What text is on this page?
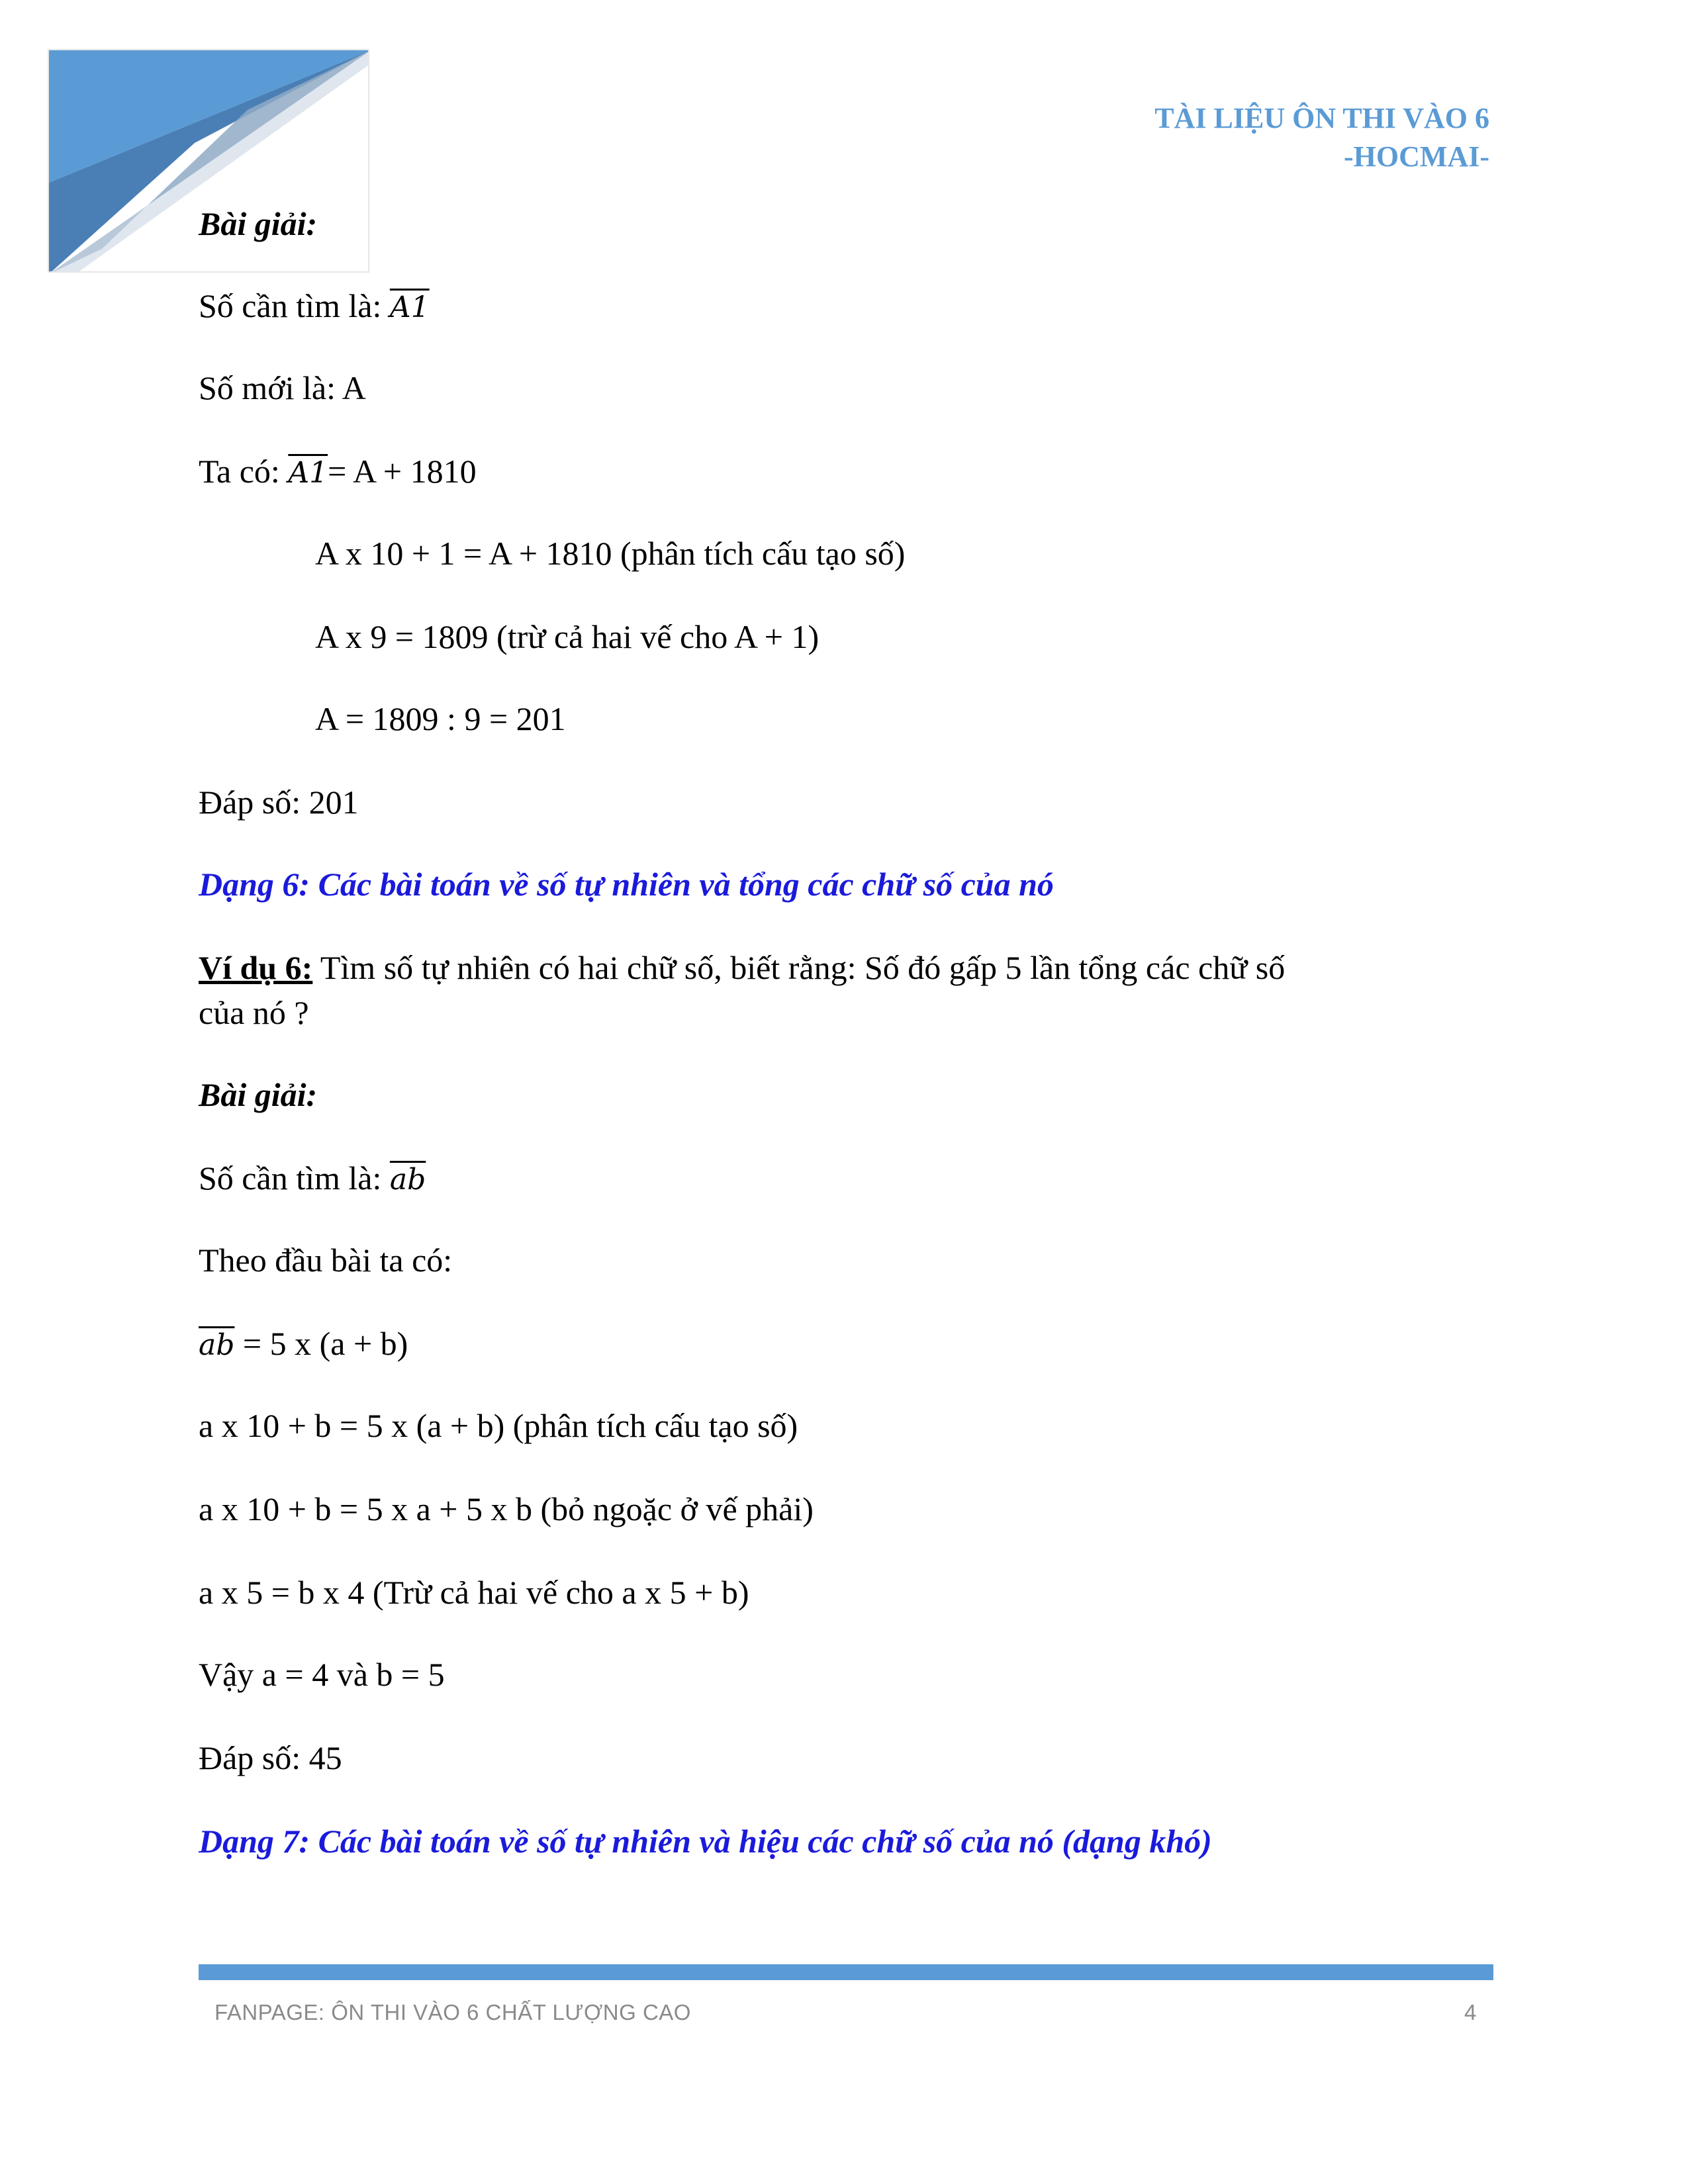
TÀI LIỆU ÔN THI VÀO 6
-HOCMAI-
Bài giải:
Số cần tìm là: A1
Số mới là: A
Ta có: A1= A + 1810
A x 10 + 1 = A + 1810 (phân tích cấu tạo số)
A x 9 = 1809 (trừ cả hai vế cho A + 1)
A = 1809 : 9 = 201
Đáp số: 201
Dạng 6: Các bài toán về số tự nhiên và tổng các chữ số của nó
Ví dụ 6: Tìm số tự nhiên có hai chữ số, biết rằng: Số đó gấp 5 lần tổng các chữ số
của nó ?
Bài giải:
Số cần tìm là: $\overline{ab}$
Theo đầu bài ta có:
$\overline{ab} = 5$ x (a + b)
a x 10 + b = 5 x (a + b) (phân tích cấu tạo số)
a x 10 + b = 5 x a + 5 x b (bỏ ngoặc ở vế phải)
a x 5 = b x 4 (Trừ cả hai vế cho a x 5 + b)
Vậy a = 4 và b = 5
Đáp số: 45
Dạng 7: Các bài toán về số tự nhiên và hiệu các chữ số của nó (dạng khó)
FANPAGE: ÔN THI VÀO 6 CHẤT LƯỢNG CAO	4
